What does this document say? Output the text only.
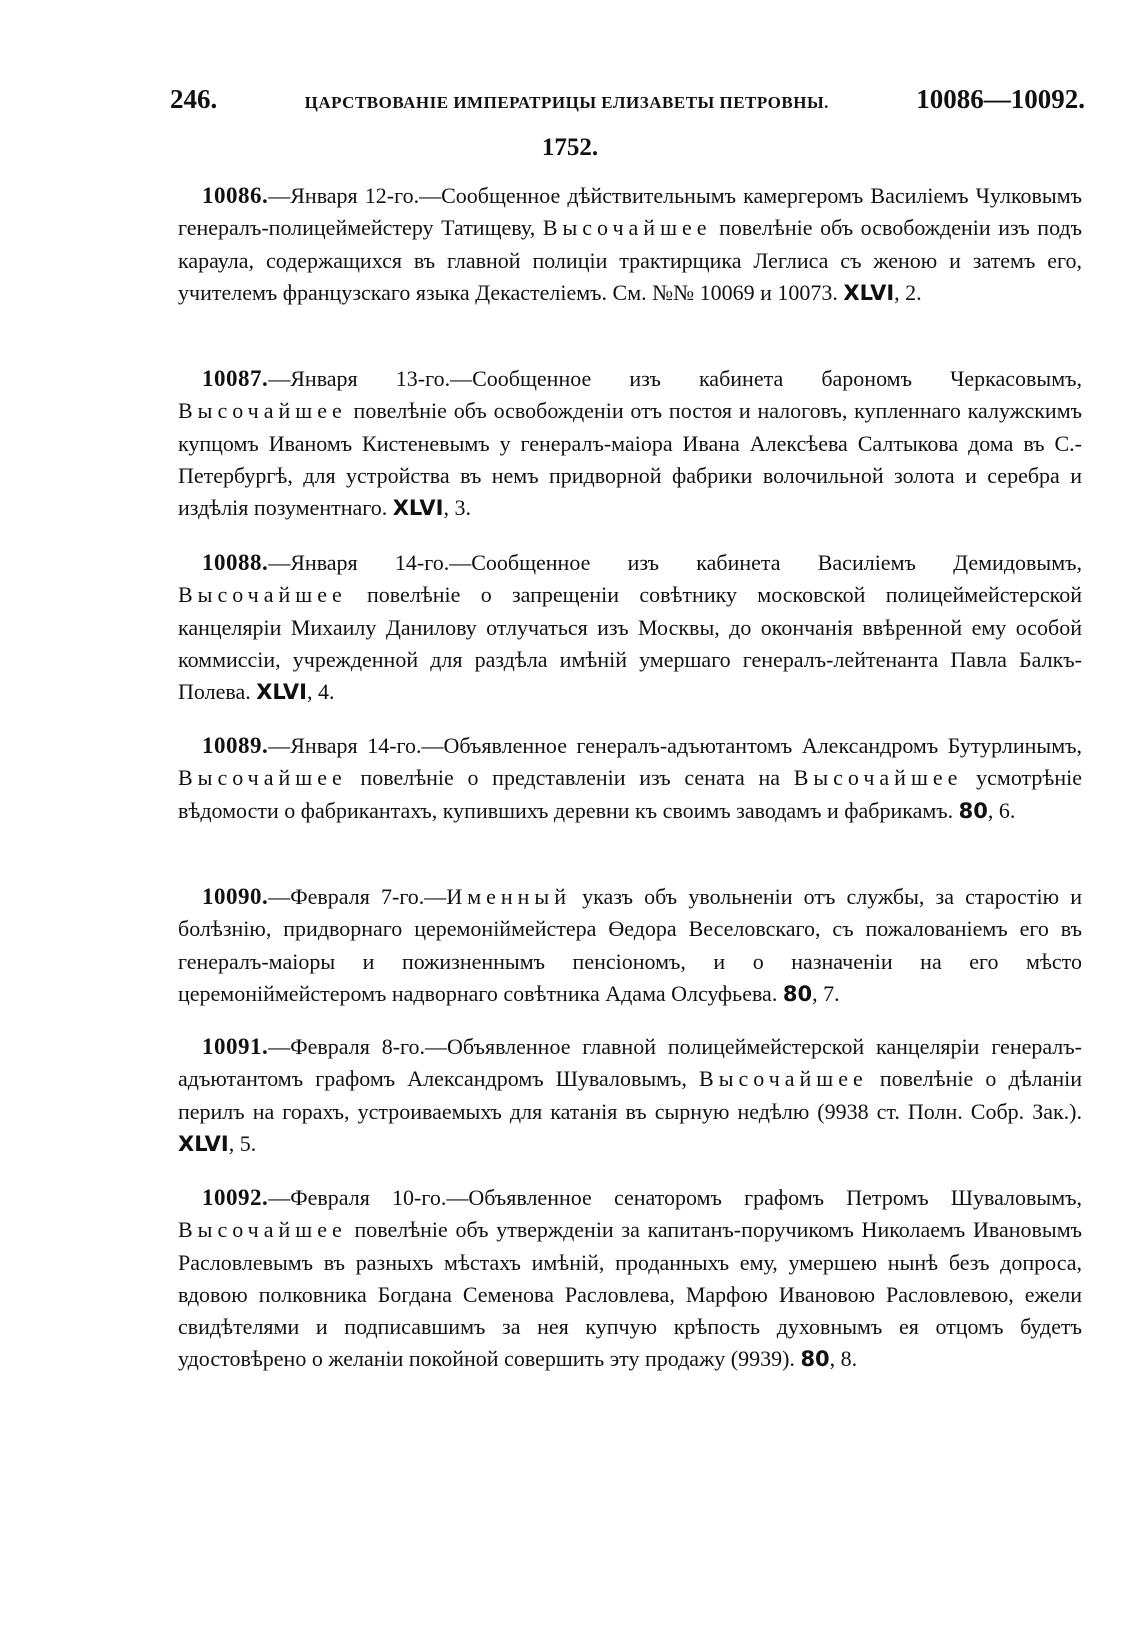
246.	ЦАРСТВОВАНІЕ ИМПЕРАТРИЦЫ ЕЛИЗАВЕТЫ ПЕТРОВНЫ.	10086—10092.
1752.
10086.—Января 12-го.—Сообщенное дѣйствительнымъ камергеромъ Василіемъ Чулковымъ генералъ-полицеймейстеру Татищеву, Высочайшее повелѣніе объ освобожденіи изъ подъ караула, содержащихся въ главной полиціи трактирщика Леглиса съ женою и затемъ его, учителемъ французскаго языка Декастеліемъ. См. №№ 10069 и 10073. XLVI, 2.
10087.—Января 13-го.—Сообщенное изъ кабинета барономъ Черкасовымъ, Высочайшее повелѣніе объ освобожденіи отъ постоя и налоговъ, купленнаго калужскимъ купцомъ Иваномъ Кистеневымъ у генералъ-маіора Ивана Алексѣева Салтыкова дома въ С.-Петербургѣ, для устройства въ немъ придворной фабрики волочильной золота и серебра и издѣлія позументнаго. XLVI, 3.
10088.—Января 14-го.—Сообщенное изъ кабинета Василіемъ Демидовымъ, Высочайшее повелѣніе о запрещеніи совѣтнику московской полицеймейстерской канцеляріи Михаилу Данилову отлучаться изъ Москвы, до окончанія ввѣренной ему особой коммиссіи, учрежденной для раздѣла имѣній умершаго генералъ-лейтенанта Павла Балкъ-Полева. XLVI, 4.
10089.—Января 14-го.—Объявленное генералъ-адъютантомъ Александромъ Бутурлинымъ, Высочайшее повелѣніе о представленіи изъ сената на Высочайшее усмотрѣніе вѣдомости о фабрикантахъ, купившихъ деревни къ своимъ заводамъ и фабрикамъ. 80, 6.
10090.—Февраля 7-го.—Именный указъ объ увольненіи отъ службы, за старостію и болѣзнію, придворнаго церемоніймейстера Өедора Веселовскаго, съ пожалованіемъ его въ генералъ-маіоры и пожизненнымъ пенсіономъ, и о назначеніи на его мѣсто церемоніймейстеромъ надворнаго совѣтника Адама Олсуфьева. 80, 7.
10091.—Февраля 8-го.—Объявленное главной полицеймейстерской канцеляріи генералъ-адъютантомъ графомъ Александромъ Шуваловымъ, Высочайшее повелѣніе о дѣланіи перилъ на горахъ, устроиваемыхъ для катанія въ сырную недѣлю (9938 ст. Полн. Собр. Зак.). XLVI, 5.
10092.—Февраля 10-го.—Объявленное сенаторомъ графомъ Петромъ Шуваловымъ, Высочайшее повелѣніе объ утвержденіи за капитанъ-поручикомъ Николаемъ Ивановымъ Расловлевымъ въ разныхъ мѣстахъ имѣній, проданныхъ ему, умершею нынѣ безъ допроса, вдовою полковника Богдана Семенова Расловлева, Марфою Ивановою Расловлевою, ежели свидѣтелями и подписавшимъ за нея купчую крѣпость духовнымъ ея отцомъ будетъ удостовѣрено о желаніи покойной совершить эту продажу (9939). 80, 8.
